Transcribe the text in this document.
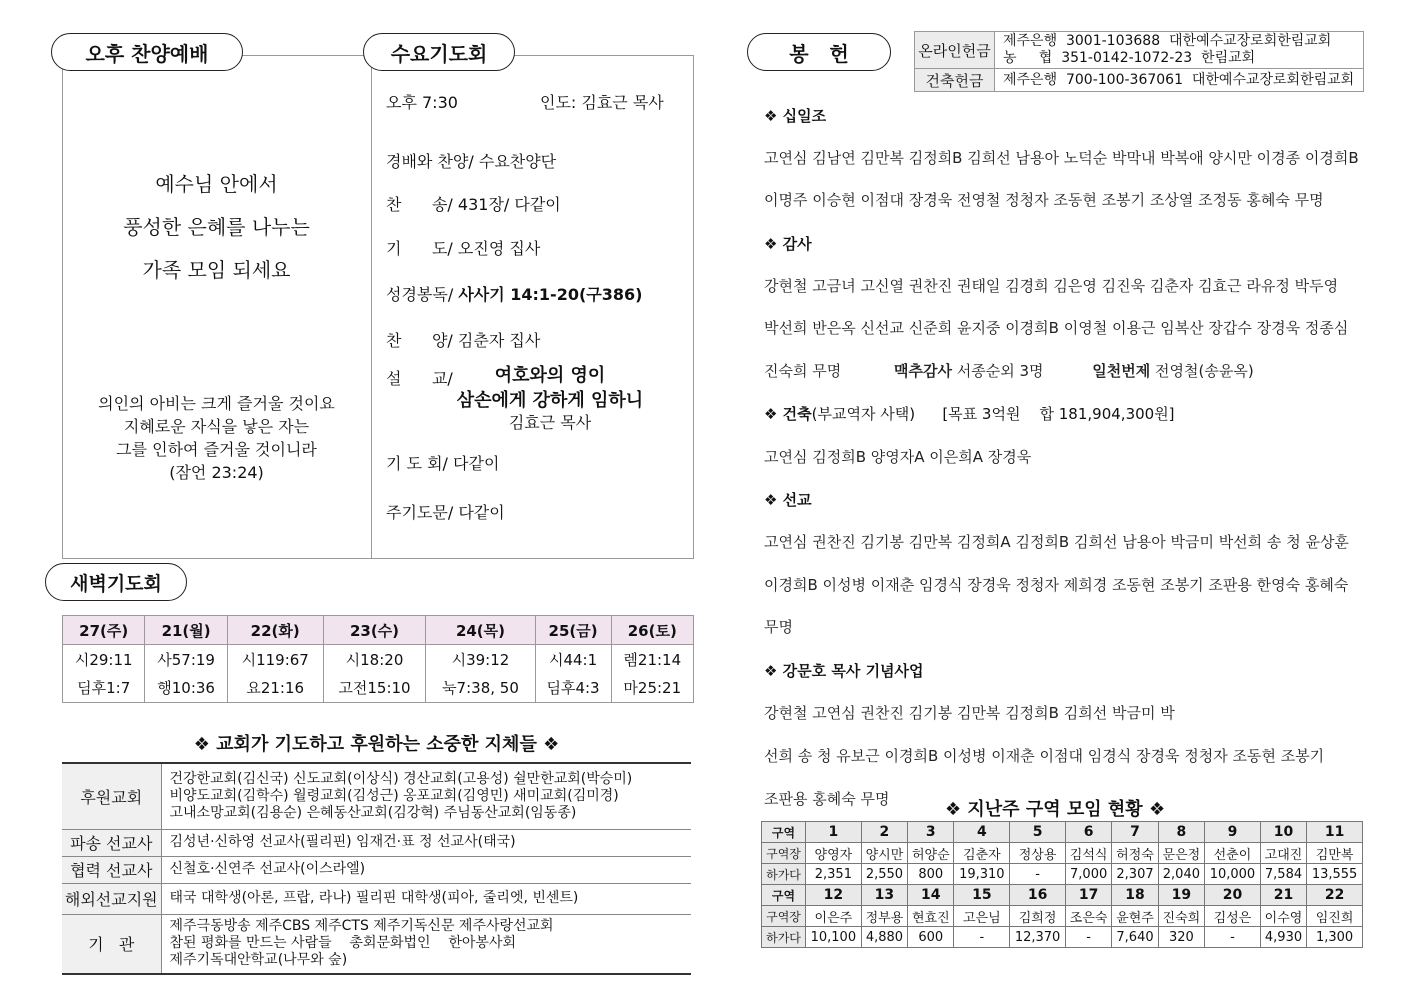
오후 찬양예배	수요기도회
예수님 안에서
풍성한 은혜를 나누는
가족 모임 되세요
의인의 아비는 크게 즐거울 것이요
지혜로운 자식을 낳은 자는
그를 인하여 즐거울 것이니라
(잠언 23:24)
오후 7:30	인도: 김효근 목사
경배와 찬양/ 수요찬양단
찬      송/ 431장/ 다같이
기      도/ 오진영 집사
성경봉독/ 사사기 14:1-20(구386)
찬      양/ 김춘자 집사
설      교/	여호와의 영이
삼손에게 강하게 임하니
김효근 목사
기 도 회/ 다같이
주기도문/ 다같이
새벽기도회
27(주)	21(월)	22(화)	23(수)	24(목)	25(금)	26(토)
시29:11	사57:19	시119:67	시18:20	시39:12	시44:1	렘21:14
딤후1:7	행10:36	요21:16	고전15:10	눅7:38, 50	딤후4:3	마25:21
❖ 교회가 기도하고 후원하는 소중한 지체들 ❖
후원교회	건강한교회(김신국) 신도교회(이상식) 경산교회(고용성) 쉴만한교회(박승미)
비양도교회(김학수) 월령교회(김성근) 옹포교회(김영민) 새미교회(김미경)
고내소망교회(김용순) 은혜동산교회(김강혁) 주님동산교회(임동종)

파송 선교사	김성년·신하영 선교사(필리핀) 임재건·표 정 선교사(태국)
협력 선교사	신철호·신연주 선교사(이스라엘)
해외선교지원	태국 대학생(아론, 프랍, 라나) 필리핀 대학생(피아, 줄리엣, 빈센트)
기   관	제주극동방송 제주CBS 제주CTS 제주기독신문 제주사랑선교회
참된 평화를 만드는 사람들    총회문화법인    한아봉사회
제주기독대안학교(나무와 숲)
봉   헌	온라인헌금	제주은행  3001-103688  대한예수교장로회한림교회
농     협  351-0142-1072-23  한림교회

건축헌금	제주은행  700-100-367061  대한예수교장로회한림교회
❖ 십일조
고연심 김남연 김만복 김정희B 김희선 남용아 노덕순 박막내 박복애 양시만 이경종 이경희B
이명주 이승현 이점대 장경욱 전영철 정청자 조동현 조봉기 조상열 조정동 홍혜숙 무명
❖ 감사
강현철 고금녀 고신열 권찬진 권태일 김경희 김은영 김진욱 김춘자 김효근 라유정 박두영
박선희 반은옥 신선교 신준희 윤지중 이경희B 이영철 이용근 임복산 장갑수 장경욱 정종심
진숙희 무명	맥추감사 서종순외 3명	일천번제 전영철(송윤옥)
❖ 건축(부교역자 사택) [목표 3억원    합 181,904,300원]
고연심 김정희B 양영자A 이은희A 장경욱
❖ 선교
고연심 권찬진 김기봉 김만복 김정희A 김정희B 김희선 남용아 박금미 박선희 송 청 윤상훈
이경희B 이성병 이재춘 임경식 장경욱 정청자 제희경 조동현 조봉기 조판용 한영숙 홍혜숙
무명
❖ 강문호 목사 기념사업
강현철 고연심 권찬진 김기봉 김만복 김정희B 김희선 박금미 박
선희 송 청 유보근 이경희B 이성병 이재춘 이점대 임경식 장경욱 정청자 조동현 조봉기
조판용 홍혜숙 무명	❖ 지난주 구역 모임 현황 ❖
구역	1	2	3	4	5	6	7	8	9	10	11
구역장	양영자	양시만	허양순	김춘자	정상용	김석식	허정숙	문은정	선춘이	고대진	김만복
하가다	2,351	2,550	800	19,310	-	7,000	2,307	2,040	10,000	7,584	13,555
구역	12	13	14	15	16	17	18	19	20	21	22
구역장	이은주	정부용	현효진	고은님	김희정	조은숙	윤현주	진숙희	김성은	이수영	임진희
하가다	10,100	4,880	600	-	12,370	-	7,640	320	-	4,930	1,300
